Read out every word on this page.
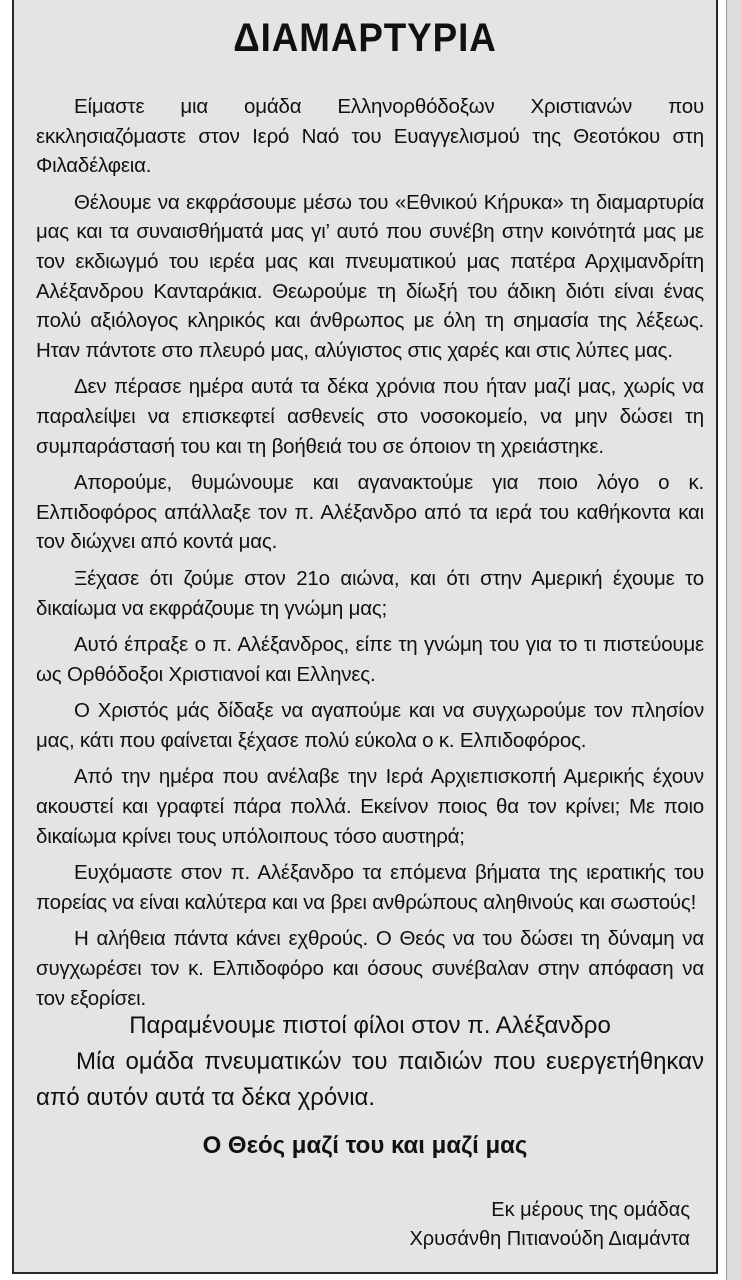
ΔΙΑΜΑΡΤΥΡΙΑ

Είμαστε μια ομάδα Ελληνορθόδοξων Χριστιανών που εκκλησιαζόμαστε στον Ιερό Ναό του Ευαγγελισμού της Θεοτόκου στη Φιλαδέλφεια.

Θέλουμε να εκφράσουμε μέσω του «Εθνικού Κήρυκα» τη διαμαρτυρία μας και τα συναισθήματά μας γι’ αυτό που συνέβη στην κοινότητά μας με τον εκδιωγμό του ιερέα μας και πνευματικού μας πατέρα Αρχιμανδρίτη Αλέξανδρου Κανταράκια. Θεωρούμε τη δίωξή του άδικη διότι είναι ένας πολύ αξιόλογος κληρικός και άνθρωπος με όλη τη σημασία της λέξεως. Ηταν πάντοτε στο πλευρό μας, αλύγιστος στις χαρές και στις λύπες μας.

Δεν πέρασε ημέρα αυτά τα δέκα χρόνια που ήταν μαζί μας, χωρίς να παραλείψει να επισκεφτεί ασθενείς στο νοσοκομείο, να μην δώσει τη συμπαράστασή του και τη βοήθειά του σε όποιον τη χρειάστηκε.

Απορούμε, θυμώνουμε και αγανακτούμε για ποιο λόγο ο κ. Ελπιδοφόρος απάλλαξε τον π. Αλέξανδρο από τα ιερά του καθήκοντα και τον διώχνει από κοντά μας.

Ξέχασε ότι ζούμε στον 21ο αιώνα, και ότι στην Αμερική έχουμε το δικαίωμα να εκφράζουμε τη γνώμη μας;

Αυτό έπραξε ο π. Αλέξανδρος, είπε τη γνώμη του για το τι πιστεύουμε ως Ορθόδοξοι Χριστιανοί και Ελληνες.

Ο Χριστός μάς δίδαξε να αγαπούμε και να συγχωρούμε τον πλησίον μας, κάτι που φαίνεται ξέχασε πολύ εύκολα ο κ. Ελπιδοφόρος.

Από την ημέρα που ανέλαβε την Ιερά Αρχιεπισκοπή Αμερικής έχουν ακουστεί και γραφτεί πάρα πολλά. Εκείνον ποιος θα τον κρίνει; Με ποιο δικαίωμα κρίνει τους υπόλοιπους τόσο αυστηρά;

Ευχόμαστε στον π. Αλέξανδρο τα επόμενα βήματα της ιερατικής του πορείας να είναι καλύτερα και να βρει ανθρώπους αληθινούς και σωστούς!

Η αλήθεια πάντα κάνει εχθρούς. Ο Θεός να του δώσει τη δύναμη να συγχωρέσει τον κ. Ελπιδοφόρο και όσους συνέβαλαν στην απόφαση να τον εξορίσει.

Παραμένουμε πιστοί φίλοι στον π. Αλέξανδρο

Μία ομάδα πνευματικών του παιδιών που ευεργετήθηκαν από αυτόν αυτά τα δέκα χρόνια.

Ο Θεός μαζί του και μαζί μας

Εκ μέρους της ομάδας
Χρυσάνθη Πιτιανούδη Διαμάντα
